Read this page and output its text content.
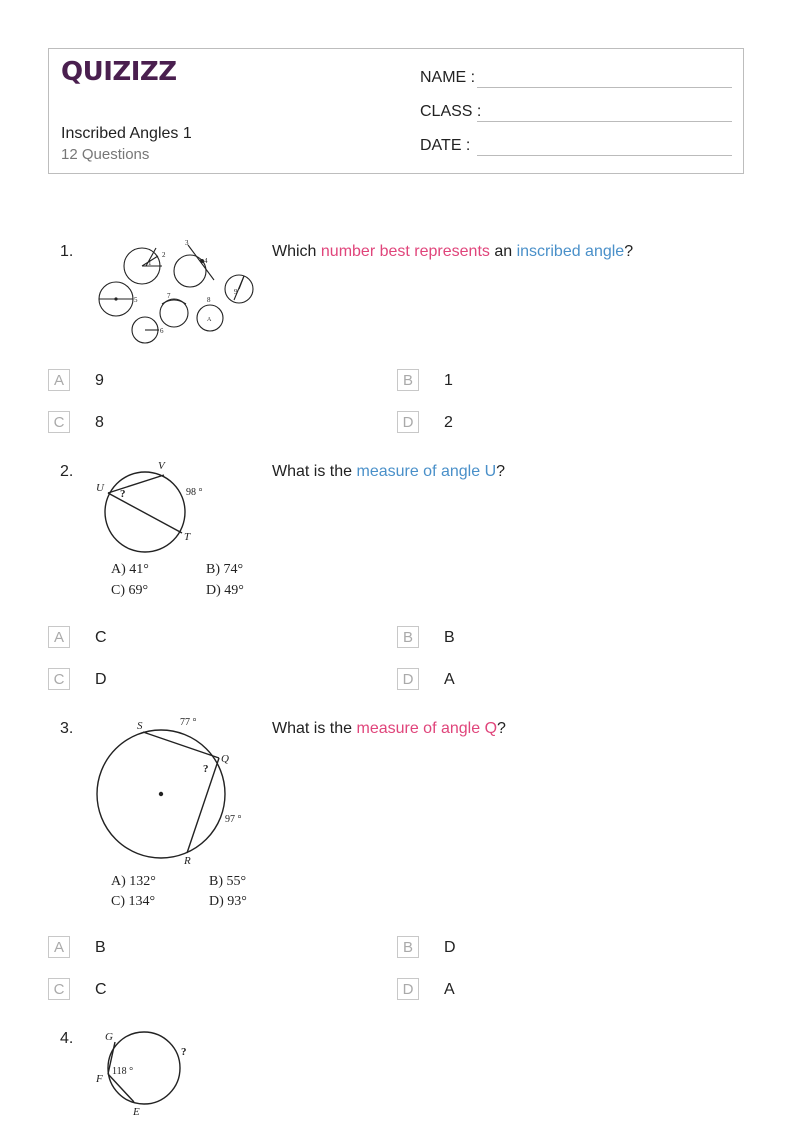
QUIZIZZ
Inscribed Angles 1
12 Questions
NAME :
CLASS :
DATE :
1.
1
2
3
4
5
6
7	8
9
A
Which number best represents an inscribed angle?
A	9	B	1
C	8	D	2
2.
U
V
T
?	98 °
A) 41°	B) 74°
C) 69°	D) 49°
What is the measure of angle U?
A	C	B	B
C	D	D	A
3.	S
Q
R
?
77 °
97 °
A) 132°	B) 55°
C) 134°	D) 93°
What is the measure of angle Q?
A	B	B	D
C	C	D	A
4.	G
F
E
?
118 °
